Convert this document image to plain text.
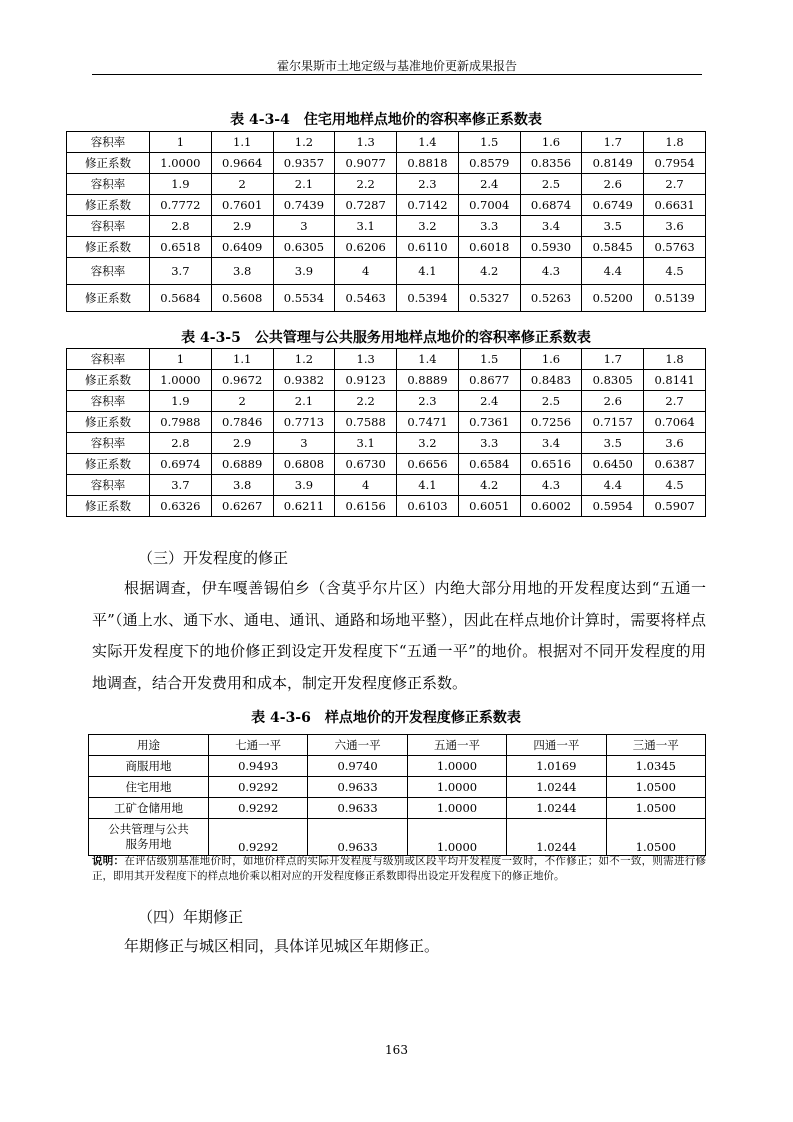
霍尔果斯市土地定级与基准地价更新成果报告
表 4-3-4　住宅用地样点地价的容积率修正系数表
容积率	1	1.1	1.2	1.3	1.4	1.5	1.6	1.7	1.8
修正系数	1.0000	0.9664	0.9357	0.9077	0.8818	0.8579	0.8356	0.8149	0.7954
容积率	1.9	2	2.1	2.2	2.3	2.4	2.5	2.6	2.7
修正系数	0.7772	0.7601	0.7439	0.7287	0.7142	0.7004	0.6874	0.6749	0.6631
容积率	2.8	2.9	3	3.1	3.2	3.3	3.4	3.5	3.6
修正系数	0.6518	0.6409	0.6305	0.6206	0.6110	0.6018	0.5930	0.5845	0.5763
容积率	3.7	3.8	3.9	4	4.1	4.2	4.3	4.4	4.5
修正系数	0.5684	0.5608	0.5534	0.5463	0.5394	0.5327	0.5263	0.5200	0.5139
表 4-3-5　公共管理与公共服务用地样点地价的容积率修正系数表
容积率	1	1.1	1.2	1.3	1.4	1.5	1.6	1.7	1.8
修正系数	1.0000	0.9672	0.9382	0.9123	0.8889	0.8677	0.8483	0.8305	0.8141
容积率	1.9	2	2.1	2.2	2.3	2.4	2.5	2.6	2.7
修正系数	0.7988	0.7846	0.7713	0.7588	0.7471	0.7361	0.7256	0.7157	0.7064
容积率	2.8	2.9	3	3.1	3.2	3.3	3.4	3.5	3.6
修正系数	0.6974	0.6889	0.6808	0.6730	0.6656	0.6584	0.6516	0.6450	0.6387
容积率	3.7	3.8	3.9	4	4.1	4.2	4.3	4.4	4.5
修正系数	0.6326	0.6267	0.6211	0.6156	0.6103	0.6051	0.6002	0.5954	0.5907
（三）开发程度的修正
根据调查，伊车嘎善锡伯乡（含莫乎尔片区）内绝大部分用地的开发程度达到“五通一平”（通上水、通下水、通电、通讯、通路和场地平整），因此在样点地价计算时，需要将样点实际开发程度下的地价修正到设定开发程度下“五通一平”的地价。根据对不同开发程度的用地调查，结合开发费用和成本，制定开发程度修正系数。
表 4-3-6　样点地价的开发程度修正系数表
用途	七通一平	六通一平	五通一平	四通一平	三通一平
商服用地	0.9493	0.9740	1.0000	1.0169	1.0345
住宅用地	0.9292	0.9633	1.0000	1.0244	1.0500
工矿仓储用地	0.9292	0.9633	1.0000	1.0244	1.0500

公共管理与公共
服务用地	0.9292	0.9633	1.0000	1.0244	1.0500
说明：在评估级别基准地价时，如地价样点的实际开发程度与级别或区段平均开发程度一致时，不作修正；如不一致，则需进行修正，即用其开发程度下的样点地价乘以相对应的开发程度修正系数即得出设定开发程度下的修正地价。
（四）年期修正
年期修正与城区相同，具体详见城区年期修正。
163
